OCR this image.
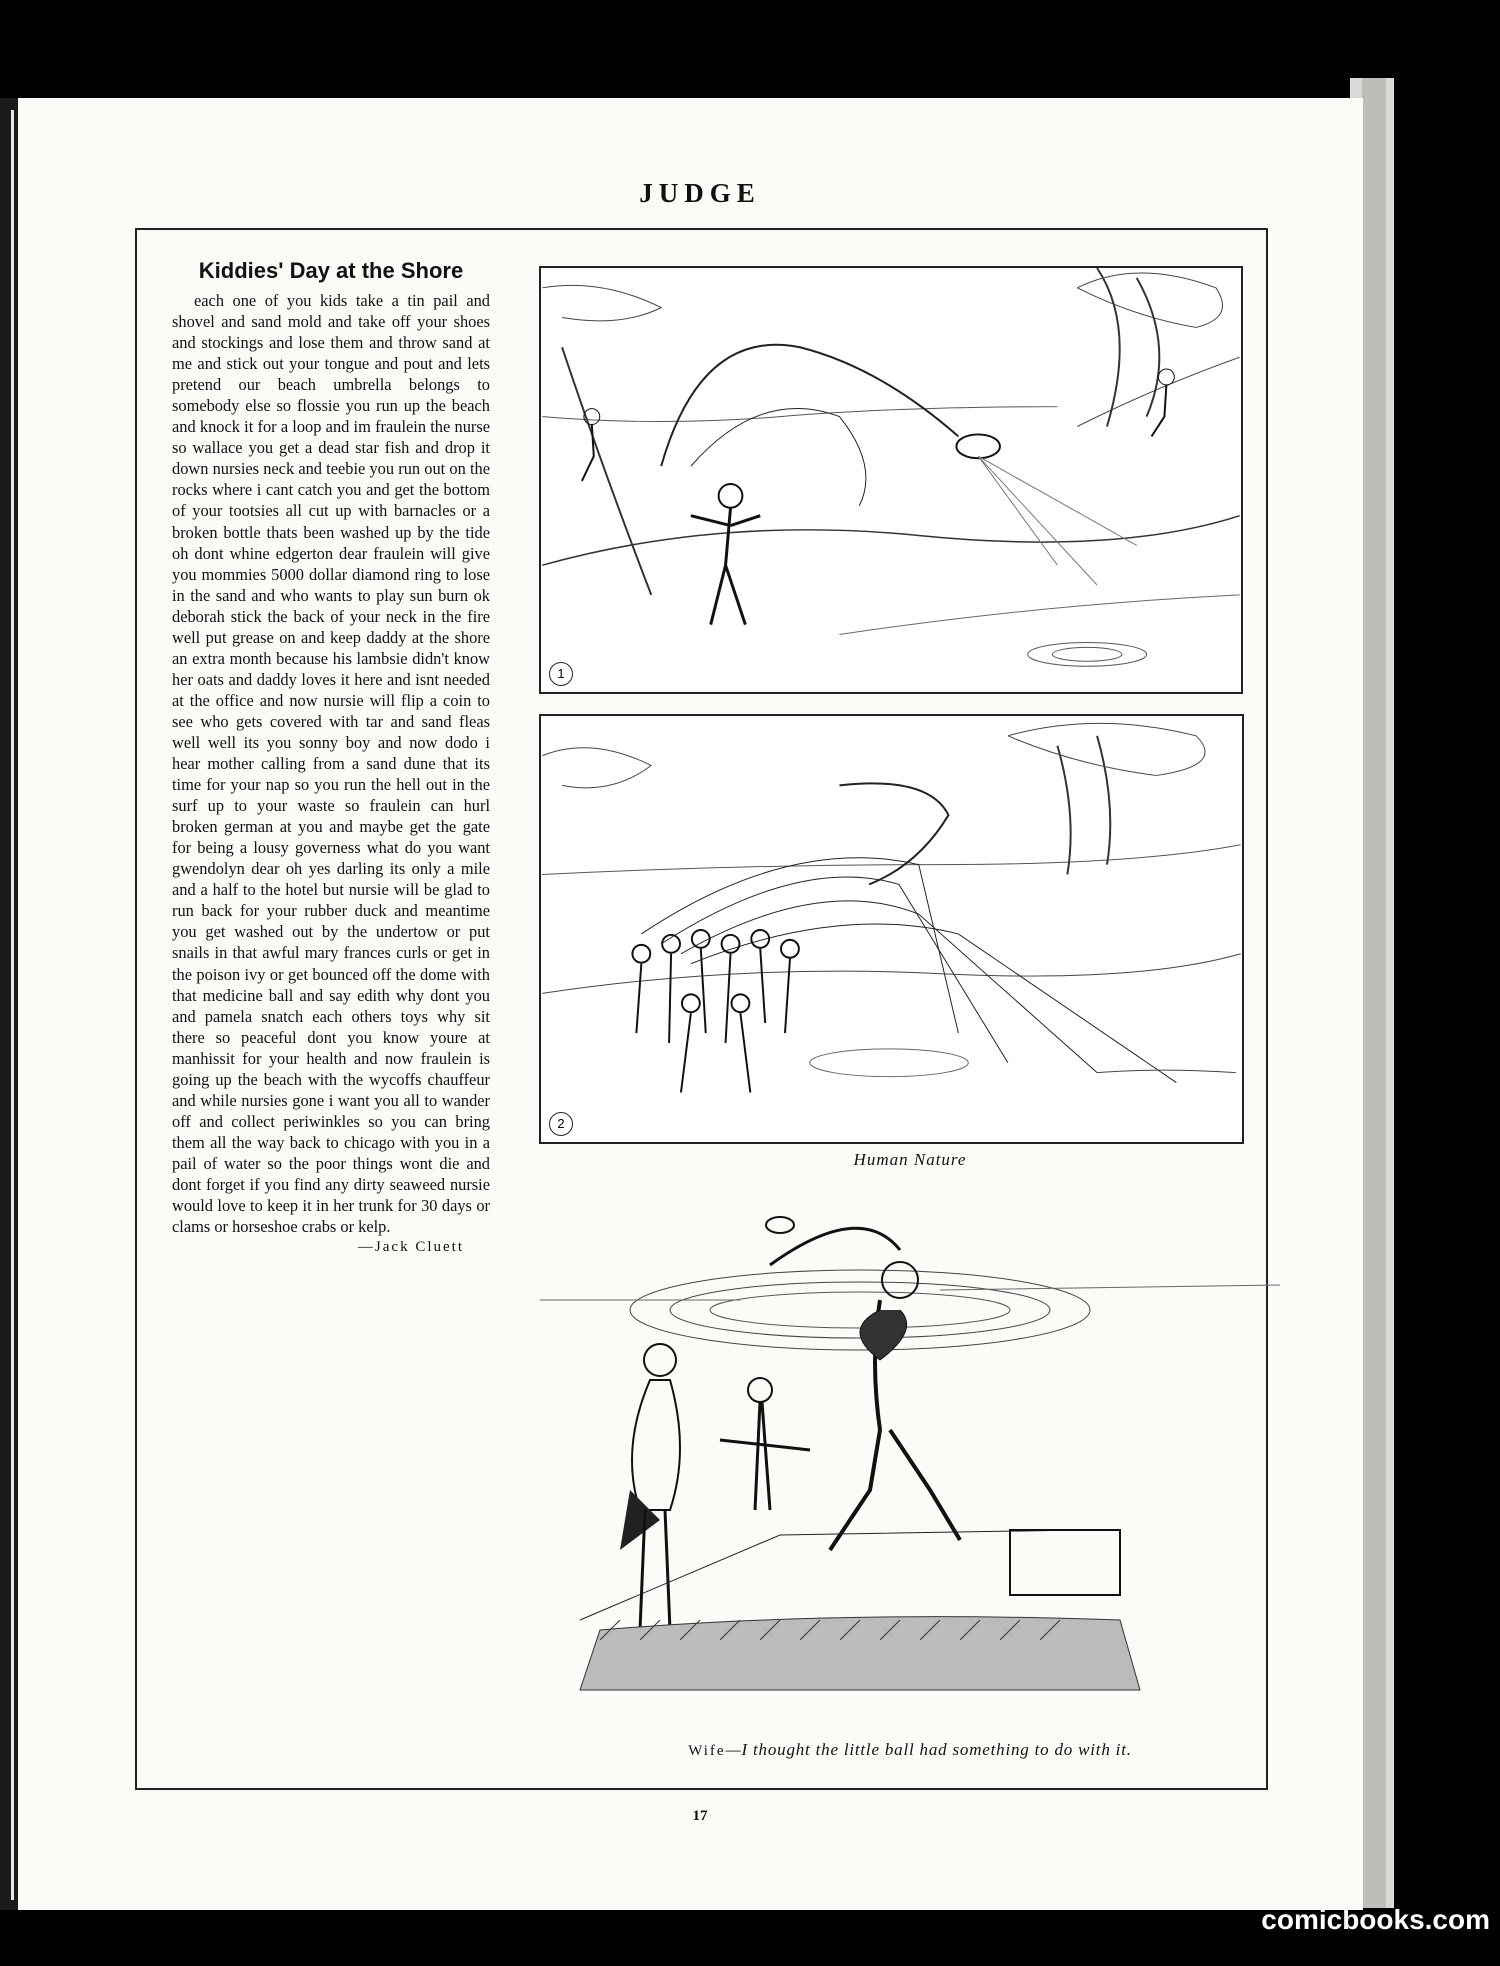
JUDGE
Kiddies' Day at the Shore
each one of you kids take a tin pail and shovel and sand mold and take off your shoes and stockings and lose them and throw sand at me and stick out your tongue and pout and lets pretend our beach umbrella belongs to somebody else so flossie you run up the beach and knock it for a loop and im fraulein the nurse so wallace you get a dead star fish and drop it down nursies neck and teebie you run out on the rocks where i cant catch you and get the bottom of your tootsies all cut up with barnacles or a broken bottle thats been washed up by the tide oh dont whine edgerton dear fraulein will give you mommies 5000 dollar diamond ring to lose in the sand and who wants to play sun burn ok deborah stick the back of your neck in the fire well put grease on and keep daddy at the shore an extra month because his lambsie didn't know her oats and daddy loves it here and isnt needed at the office and now nursie will flip a coin to see who gets covered with tar and sand fleas well well its you sonny boy and now dodo i hear mother calling from a sand dune that its time for your nap so you run the hell out in the surf up to your waste so fraulein can hurl broken german at you and maybe get the gate for being a lousy governess what do you want gwendolyn dear oh yes darling its only a mile and a half to the hotel but nursie will be glad to run back for your rubber duck and meantime you get washed out by the undertow or put snails in that awful mary frances curls or get in the poison ivy or get bounced off the dome with that medicine ball and say edith why dont you and pamela snatch each others toys why sit there so peaceful dont you know youre at manhissit for your health and now fraulein is going up the beach with the wycoffs chauffeur and while nursies gone i want you all to wander off and collect periwinkles so you can bring them all the way back to chicago with you in a pail of water so the poor things wont die and dont forget if you find any dirty seaweed nursie would love to keep it in her trunk for 30 days or clams or horseshoe crabs or kelp.
—Jack Cluett
1
2
Human Nature
Wife—I thought the little ball had something to do with it.
17
comicbooks.com
